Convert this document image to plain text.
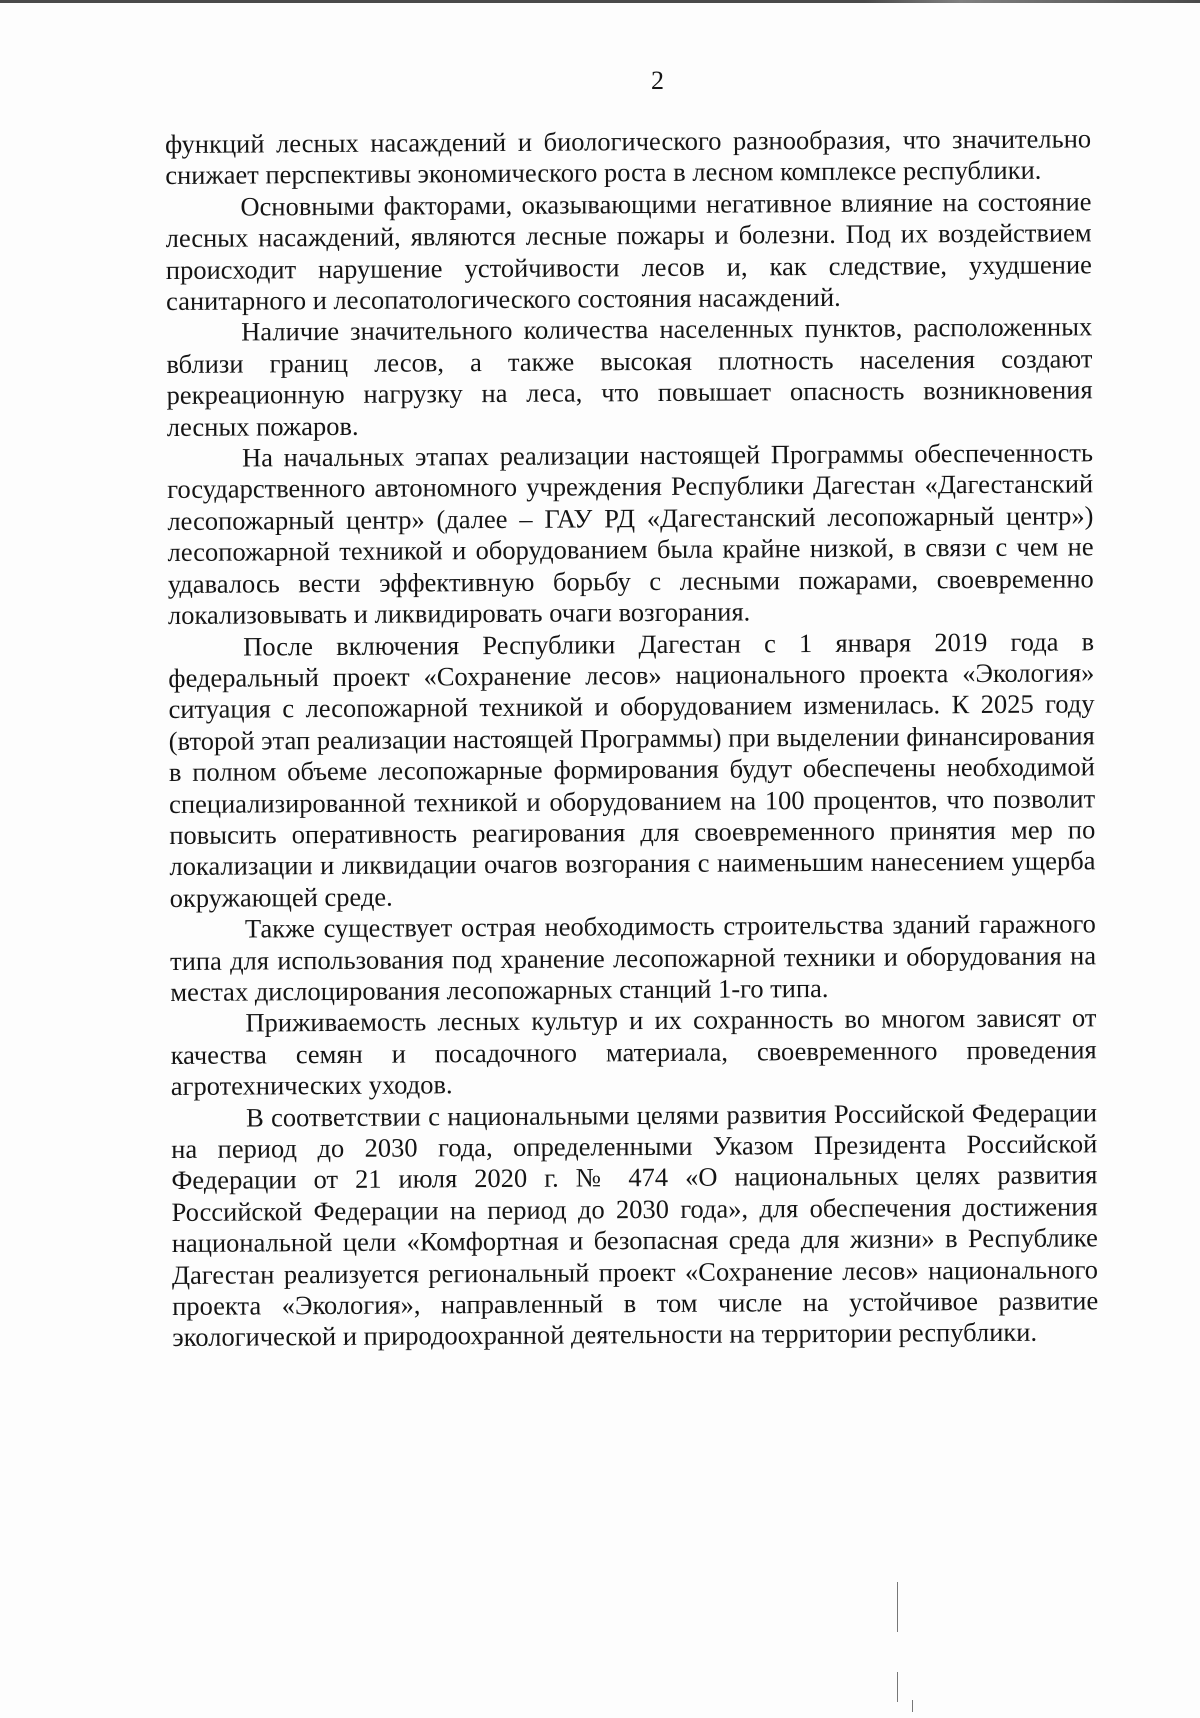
2

функций лесных насаждений и биологического разнообразия, что значительно снижает перспективы экономического роста в лесном комплексе республики.

Основными факторами, оказывающими негативное влияние на состояние лесных насаждений, являются лесные пожары и болезни. Под их воздействием происходит нарушение устойчивости лесов и, как следствие, ухудшение санитарного и лесопатологического состояния насаждений.

Наличие значительного количества населенных пунктов, расположенных вблизи границ лесов, а также высокая плотность населения создают рекреационную нагрузку на леса, что повышает опасность возникновения лесных пожаров.

На начальных этапах реализации настоящей Программы обеспеченность государственного автономного учреждения Республики Дагестан «Дагестанский лесопожарный центр» (далее – ГАУ РД «Дагестанский лесопожарный центр») лесопожарной техникой и оборудованием была крайне низкой, в связи с чем не удавалось вести эффективную борьбу с лесными пожарами, своевременно локализовывать и ликвидировать очаги возгорания.

После включения Республики Дагестан с 1 января 2019 года в федеральный проект «Сохранение лесов» национального проекта «Экология» ситуация с лесопожарной техникой и оборудованием изменилась. К 2025 году (второй этап реализации настоящей Программы) при выделении финансирования в полном объеме лесопожарные формирования будут обеспечены необходимой специализированной техникой и оборудованием на 100 процентов, что позволит повысить оперативность реагирования для своевременного принятия мер по локализации и ликвидации очагов возгорания с наименьшим нанесением ущерба окружающей среде.

Также существует острая необходимость строительства зданий гаражного типа для использования под хранение лесопожарной техники и оборудования на местах дислоцирования лесопожарных станций 1-го типа.

Приживаемость лесных культур и их сохранность во многом зависят от качества семян и посадочного материала, своевременного проведения агротехнических уходов.

В соответствии с национальными целями развития Российской Федерации на период до 2030 года, определенными Указом Президента Российской Федерации от 21 июля 2020 г. № 474 «О национальных целях развития Российской Федерации на период до 2030 года», для обеспечения достижения национальной цели «Комфортная и безопасная среда для жизни» в Республике Дагестан реализуется региональный проект «Сохранение лесов» национального проекта «Экология», направленный в том числе на устойчивое развитие экологической и природоохранной деятельности на территории республики.
